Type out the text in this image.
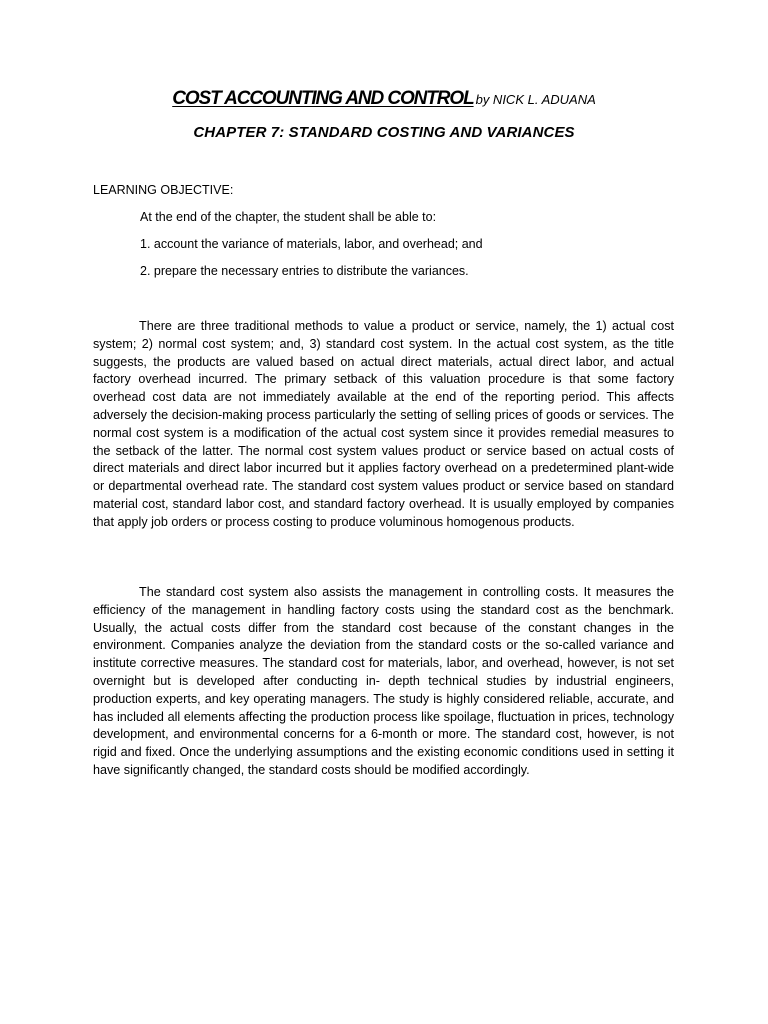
COST ACCOUNTING AND CONTROL by NICK L. ADUANA
CHAPTER 7: STANDARD COSTING AND VARIANCES
LEARNING OBJECTIVE:
At the end of the chapter, the student shall be able to:
1. account the variance of materials, labor, and overhead; and
2. prepare the necessary entries to distribute the variances.

There are three traditional methods to value a product or service, namely, the 1) actual cost system; 2) normal cost system; and, 3) standard cost system. In the actual cost system, as the title suggests, the products are valued based on actual direct materials, actual direct labor, and actual factory overhead incurred. The primary setback of this valuation procedure is that some factory overhead cost data are not immediately available at the end of the reporting period. This affects adversely the decision-making process particularly the setting of selling prices of goods or services. The normal cost system is a modification of the actual cost system since it provides remedial measures to the setback of the latter. The normal cost system values product or service based on actual costs of direct materials and direct labor incurred but it applies factory overhead on a predetermined plant-wide or departmental overhead rate. The standard cost system values product or service based on standard material cost, standard labor cost, and standard factory overhead. It is usually employed by companies that apply job orders or process costing to produce voluminous homogenous products.

The standard cost system also assists the management in controlling costs. It measures the efficiency of the management in handling factory costs using the standard cost as the benchmark. Usually, the actual costs differ from the standard cost because of the constant changes in the environment. Companies analyze the deviation from the standard costs or the so-called variance and institute corrective measures. The standard cost for materials, labor, and overhead, however, is not set overnight but is developed after conducting in- depth technical studies by industrial engineers, production experts, and key operating managers. The study is highly considered reliable, accurate, and has included all elements affecting the production process like spoilage, fluctuation in prices, technology development, and environmental concerns for a 6-month or more. The standard cost, however, is not rigid and fixed. Once the underlying assumptions and the existing economic conditions used in setting it have significantly changed, the standard costs should be modified accordingly.
